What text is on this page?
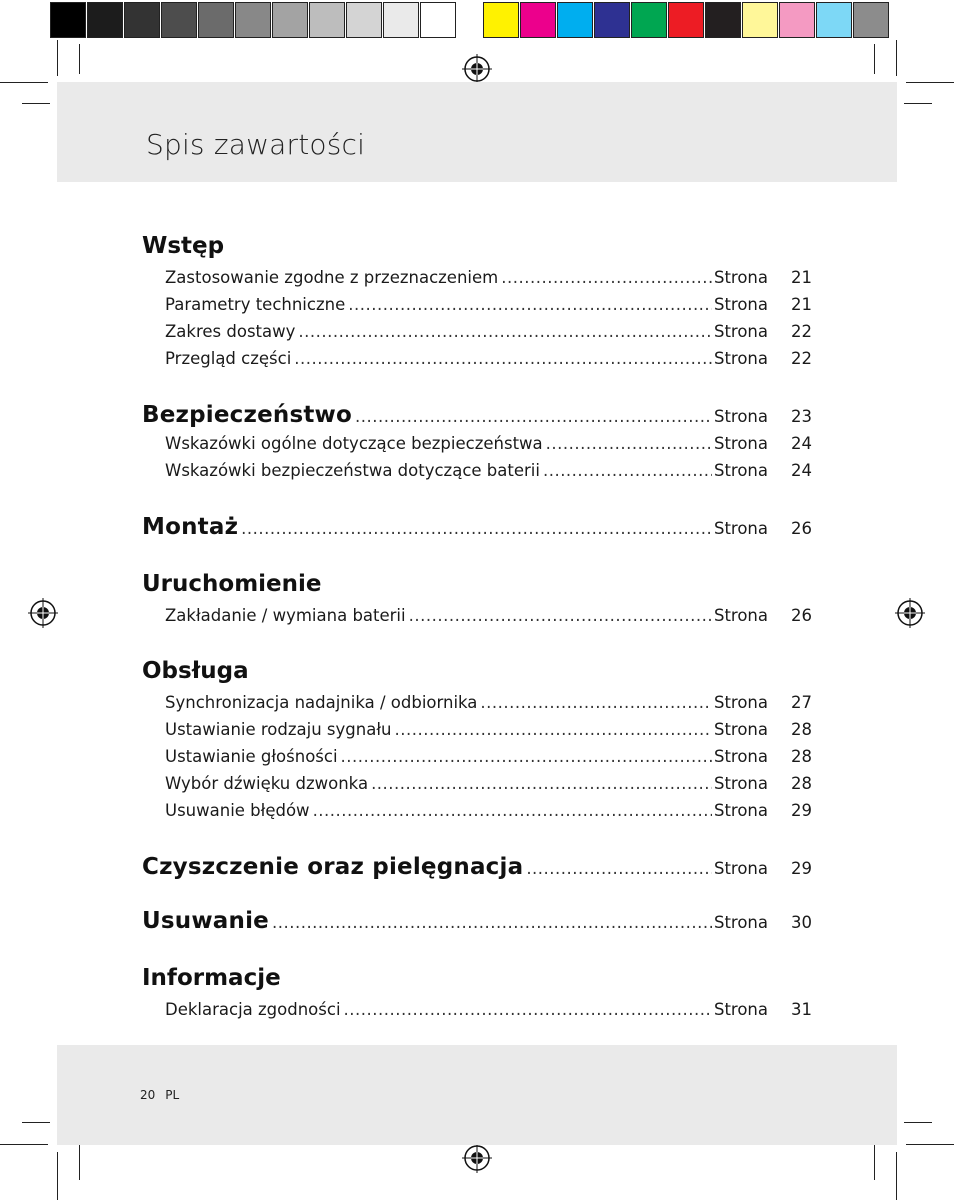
Spis zawartości
Wstęp
Zastosowanie zgodne z przeznaczeniem .....	Strona	21
Parametry techniczne .....	Strona	21
Zakres dostawy .....	Strona	22
Przegląd części .....	Strona	22
Bezpieczeństwo .....	Strona	23
Wskazówki ogólne dotyczące bezpieczeństwa .....	Strona	24
Wskazówki bezpieczeństwa dotyczące baterii .....	Strona	24
Montaż .....	Strona	26
Uruchomienie
Zakładanie / wymiana baterii .....	Strona	26
Obsługa
Synchronizacja nadajnika / odbiornika .....	Strona	27
Ustawianie rodzaju sygnału .....	Strona	28
Ustawianie głośności .....	Strona	28
Wybór dźwięku dzwonka .....	Strona	28
Usuwanie błędów .....	Strona	29
Czyszczenie oraz pielęgnacja .....	Strona	29
Usuwanie .....	Strona	30
Informacje
Deklaracja zgodności .....	Strona	31
20 PL
